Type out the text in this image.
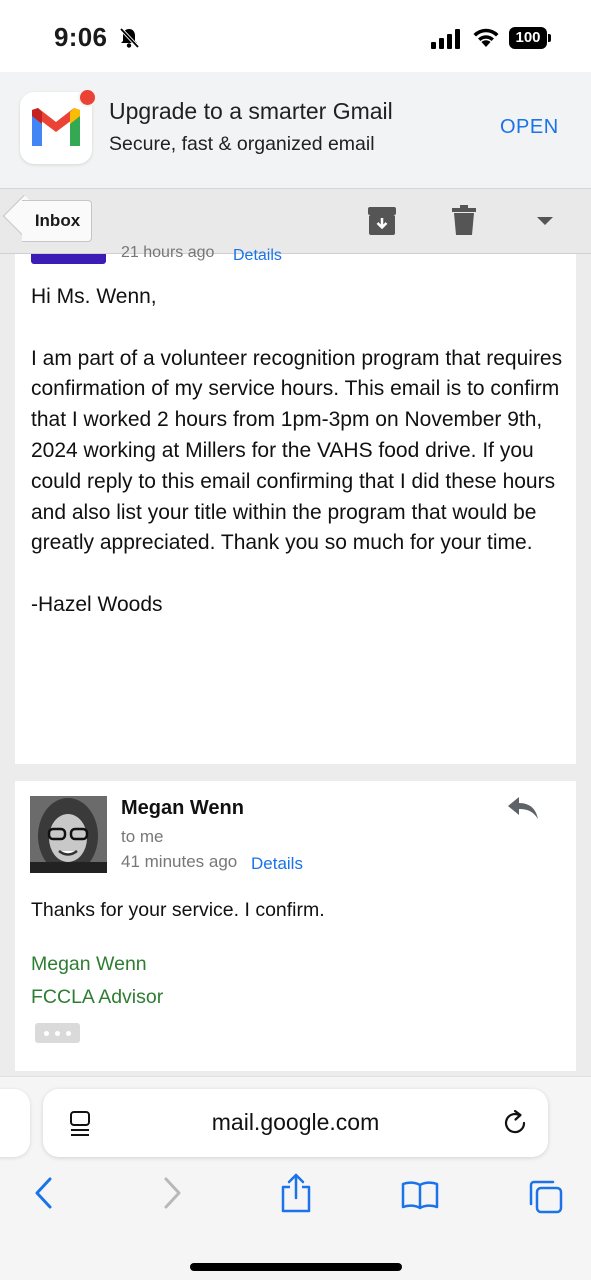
9:06	100
Upgrade to a smarter Gmail
Secure, fast & organized email
OPEN
Inbox
21 hours ago Details

Hi Ms. Wenn,

I am part of a volunteer recognition program that requires confirmation of my service hours. This email is to confirm that I worked 2 hours from 1pm-3pm on November 9th, 2024 working at Millers for the VAHS food drive. If you could reply to this email confirming that I did these hours and also list your title within the program that would be greatly appreciated. Thank you so much for your time.

-Hazel Woods

Megan Wenn
to me
41 minutes ago Details
Thanks for your service. I confirm.
Megan Wenn
FCCLA Advisor
mail.google.com
